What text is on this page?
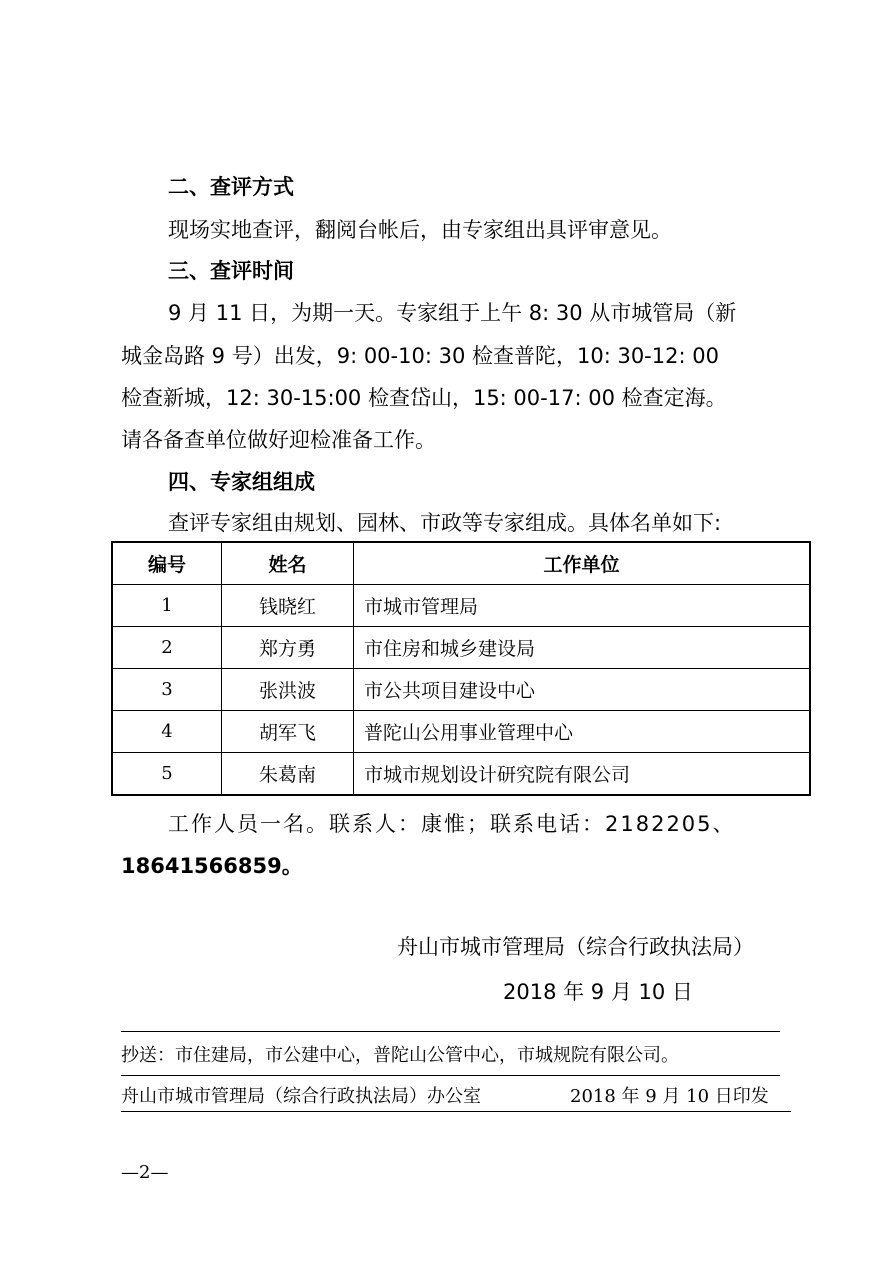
二、查评方式
现场实地查评，翻阅台帐后，由专家组出具评审意见。
三、查评时间
9 月 11 日，为期一天。专家组于上午 8: 30 从市城管局（新
城金岛路 9 号）出发，9: 00-10: 30 检查普陀，10: 30-12: 00
检查新城，12: 30-15:00 检查岱山，15: 00-17: 00 检查定海。
请各备查单位做好迎检准备工作。
四、专家组组成
查评专家组由规划、园林、市政等专家组成。具体名单如下:
编号	姓名	工作单位
1	钱晓红	市城市管理局
2	郑方勇	市住房和城乡建设局
3	张洪波	市公共项目建设中心
4	胡军飞	普陀山公用事业管理中心
5	朱葛南	市城市规划设计研究院有限公司
工作人员一名。联系人：康惟；联系电话：2182205、
18641566859。
舟山市城市管理局（综合行政执法局）
2018 年 9 月 10 日
抄送：市住建局，市公建中心，普陀山公管中心，市城规院有限公司。
舟山市城市管理局（综合行政执法局）办公室	2018 年 9 月 10 日印发
—2—
